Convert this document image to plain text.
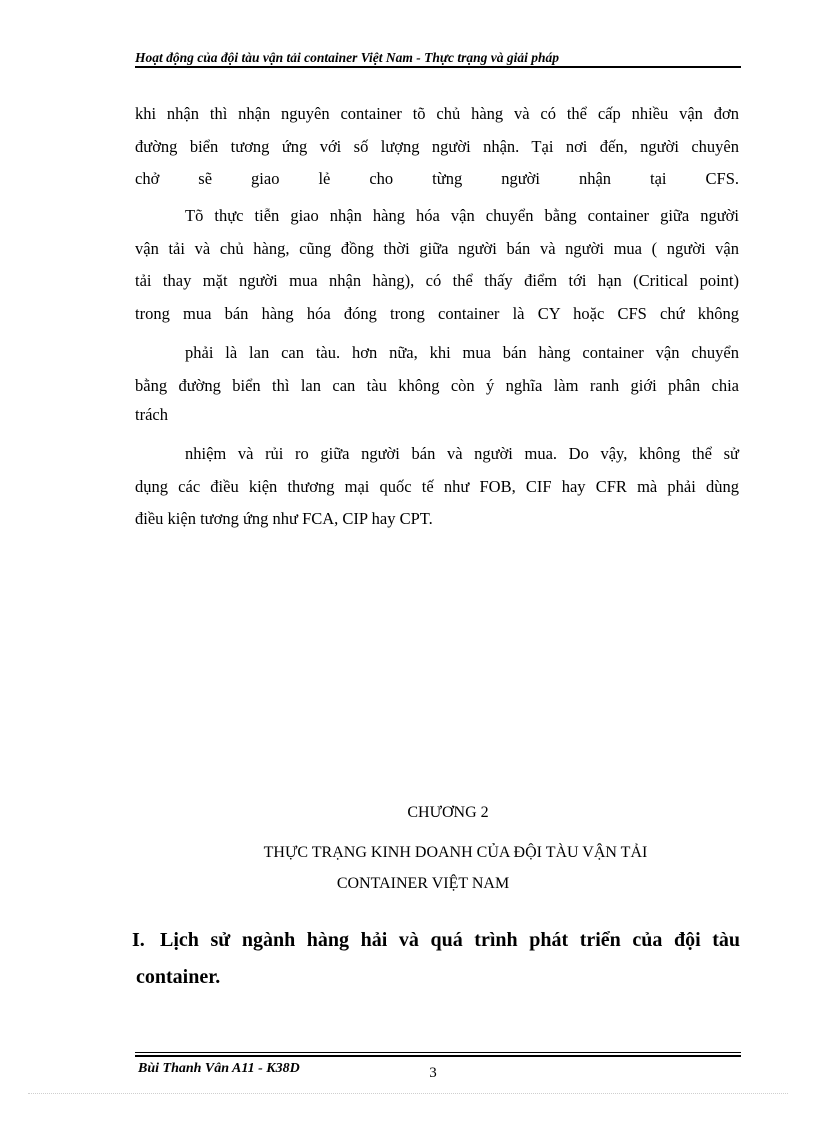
Hoạt động của đội tàu vận tải container Việt Nam - Thực trạng và giải pháp
khi nhận thì nhận nguyên container tõ chủ hàng và có thể cấp nhiều vận đơn
đường biển tương ứng với số lượng người nhận. Tại nơi đến, người chuyên
chở sẽ giao lẻ cho từng người nhận tại CFS.
Tõ thực tiễn giao nhận hàng hóa vận chuyển bằng container giữa người
vận tải và chủ hàng, cũng đồng thời giữa người bán và người mua ( người vận
tải thay mặt người mua nhận hàng), có thể thấy điểm tới hạn (Critical point)
trong mua bán hàng hóa đóng trong container là CY hoặc CFS chứ không
phải là lan can tàu. hơn nữa, khi mua bán hàng container vận chuyển
bằng đường biển thì lan can tàu không còn ý nghĩa làm ranh giới phân chia
trách
nhiệm và rủi ro giữa người bán và người mua. Do vậy, không thể sử
dụng các điều kiện thương mại quốc tế như FOB, CIF hay CFR mà phải dùng
điều kiện tương ứng như FCA, CIP hay CPT.
CHƯƠNG 2
THỰC TRẠNG KINH DOANH CỦA ĐỘI TÀU VẬN TẢI
CONTAINER VIỆT NAM
I. Lịch sử ngành hàng hải và quá trình phát triển của đội tàu
container.
Bùi Thanh Vân A11 - K38D	3
